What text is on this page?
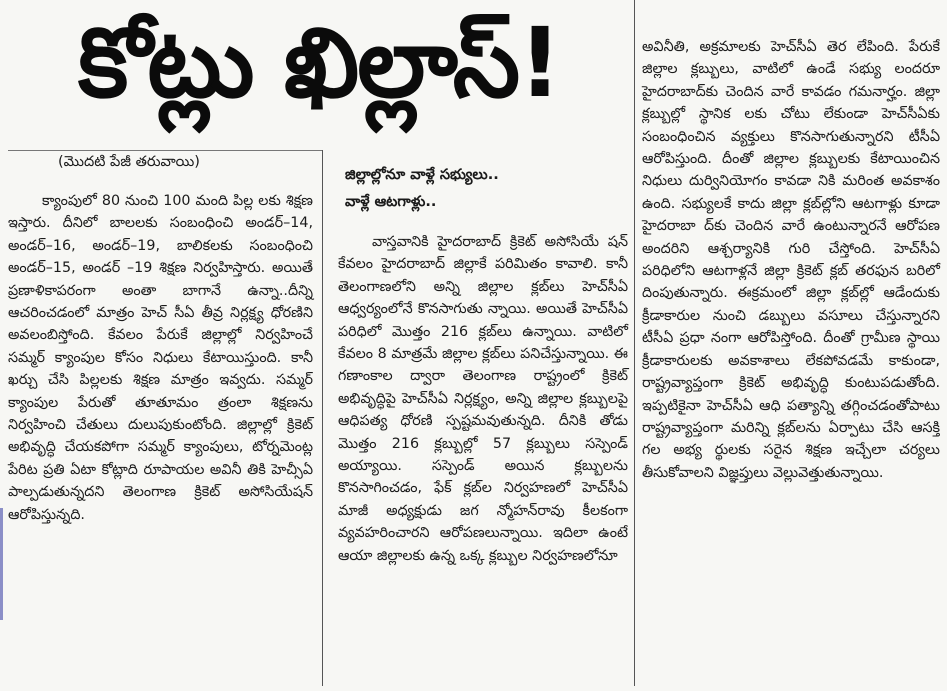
కోట్లు ఖిల్లాస్!
(మొదటి పేజీ తరువాయి)
జిల్లాల్లోనూ వాళ్లే సభ్యులు..
వాళ్లే ఆటగాళ్లు..

క్యాంపులో 80 నుంచి 100 మంది పిల్ల లకు శిక్షణ ఇస్తారు. దీనిలో బాలలకు సంబంధించి అండర్–14, అండర్–16, అండర్–19, బాలికలకు సంబంధించి అండర్–15, అండర్ –19 శిక్షణ నిర్వహిస్తారు. అయితే ప్రణాళికాపరంగా అంతా బాగానే ఉన్నా..దీన్ని ఆచరించడంలో మాత్రం హెచ్ సీఏ తీవ్ర నిర్లక్ష్య ధోరణిని అవలంబిస్తోంది. కేవలం పేరుకే జిల్లాల్లో నిర్వహించే సమ్మర్ క్యాంపుల కోసం నిధులు కేటాయిస్తుంది. కానీ ఖర్చు చేసి పిల్లలకు శిక్షణ మాత్రం ఇవ్వదు. సమ్మర్ క్యాంపుల పేరుతో తూతూమం త్రంలా శిక్షణను నిర్వహించి చేతులు దులుపుకుంటోంది. జిల్లాల్లో క్రికెట్ అభివృద్ధి చేయకపోగా సమ్మర్ క్యాంపులు, టోర్నమెంట్ల పేరిట ప్రతి ఏటా కోట్లాది రూపాయల అవినీ తికి హెచ్సీఏ పాల్పడుతున్నదని తెలంగాణ క్రికెట్ అసోసియేషన్ ఆరోపిస్తున్నది.

వాస్తవానికి హైదరాబాద్ క్రికెట్ అసోసియే షన్ కేవలం హైదరాబాద్ జిల్లాకే పరిమితం కావాలి. కానీ తెలంగాణలోని అన్ని జిల్లాల క్లబ్‌లు హెచ్‌సీఏ ఆధ్వర్యంలోనే కొనసాగుతు న్నాయి. అయితే హెచ్‌సీఏ పరిధిలో మొత్తం 216 క్లబ్‌లు ఉన్నాయి. వాటిలో కేవలం 8 మాత్రమే జిల్లాల క్లబ్‌లు పనిచేస్తున్నాయి. ఈ గణాంకాల ద్వారా తెలంగాణ రాష్ట్రంలో క్రికెట్ అభివృద్ధిపై హెచ్‌సీఏ నిర్లక్ష్యం, అన్ని జిల్లాల క్లబ్బులపై ఆధిపత్య ధోరణి స్పష్టమవుతున్నది. దీనికి తోడు మొత్తం 216 క్లబ్బుల్లో 57 క్లబ్బులు సస్పెండ్ అయ్యాయి. సస్పెండ్ అయిన క్లబ్బులను కొనసాగించడం, ఫేక్ క్లబ్‌ల నిర్వహణలో హెచ్‌సీఏ మాజీ అధ్యక్షుడు జగ న్మోహన్‌రావు కీలకంగా వ్యవహరించారని ఆరోపణలున్నాయి. ఇదిలా ఉంటే ఆయా జిల్లాలకు ఉన్న ఒక్క క్లబ్బుల నిర్వహణలోనూ

అవినీతి, అక్రమాలకు హెచ్‌సీఏ తెర లేపింది. పేరుకే జిల్లాల క్లబ్బులు, వాటిలో ఉండే సభ్యు లందరూ హైదరాబాద్‌కు చెందిన వారే కావడం గమనార్హం. జిల్లా క్లబ్బుల్లో స్థానిక లకు చోటు లేకుండా హెచ్‌సీఏకు సంబంధించిన వ్యక్తులు కొనసాగుతున్నారని టీసీఏ ఆరోపిస్తుంది. దీంతో జిల్లాల క్లబ్బులకు కేటాయించిన నిధులు దుర్వినియోగం కావడా నికి మరింత అవకాశం ఉంది. సభ్యులకే కాదు జిల్లా క్లబ్‌ల్లోని ఆటగాళ్లు కూడా హైదరాబా ద్‌కు చెందిన వారే ఉంటున్నారనే ఆరోపణ అందరిని ఆశ్చర్యానికి గురి చేస్తోంది. హెచ్‌సీఏ పరిధిలోని ఆటగాళ్లనే జిల్లా క్రికెట్ క్లబ్ తరఫున బరిలో దింపుతున్నారు. ఈక్రమంలో జిల్లా క్లబ్‌ల్లో ఆడేందుకు క్రీడాకారుల నుంచి డబ్బులు వసూలు చేస్తున్నారని టీసీఏ ప్రధా నంగా ఆరోపిస్తోంది. దీంతో గ్రామీణ స్థాయి క్రీడాకారులకు అవకాశాలు లేకపోవడమే కాకుండా, రాష్ట్రవ్యాప్తంగా క్రికెట్ అభివృద్ధి కుంటుపడుతోంది. ఇప్పటికైనా హెచ్‌సీఏ ఆధి పత్యాన్ని తగ్గించడంతోపాటు రాష్ట్రవ్యాప్తంగా మరిన్ని క్లబ్‌లను ఏర్పాటు చేసి ఆసక్తి గల అభ్య ర్థులకు సరైన శిక్షణ ఇచ్చేలా చర్యలు తీసుకోవాలని విజ్ఞప్తులు వెల్లువెత్తుతున్నాయి.
